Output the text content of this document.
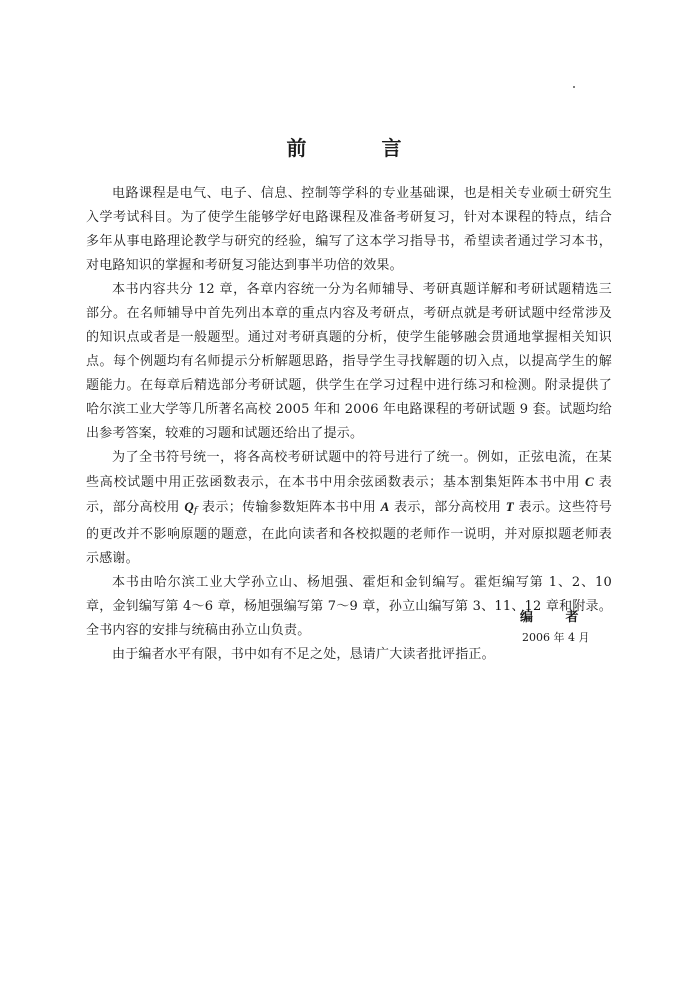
前 言

电路课程是电气、电子、信息、控制等学科的专业基础课，也是相关专业硕士研究生入学考试科目。为了使学生能够学好电路课程及准备考研复习，针对本课程的特点，结合多年从事电路理论教学与研究的经验，编写了这本学习指导书，希望读者通过学习本书，对电路知识的掌握和考研复习能达到事半功倍的效果。

本书内容共分 12 章，各章内容统一分为名师辅导、考研真题详解和考研试题精选三部分。在名师辅导中首先列出本章的重点内容及考研点，考研点就是考研试题中经常涉及的知识点或者是一般题型。通过对考研真题的分析，使学生能够融会贯通地掌握相关知识点。每个例题均有名师提示分析解题思路，指导学生寻找解题的切入点，以提高学生的解题能力。在每章后精选部分考研试题，供学生在学习过程中进行练习和检测。附录提供了哈尔滨工业大学等几所著名高校 2005 年和 2006 年电路课程的考研试题 9 套。试题均给出参考答案，较难的习题和试题还给出了提示。

为了全书符号统一，将各高校考研试题中的符号进行了统一。例如，正弦电流，在某些高校试题中用正弦函数表示，在本书中用余弦函数表示；基本割集矩阵本书中用 C 表示，部分高校用 $Q_f$ 表示；传输参数矩阵本书中用 A 表示，部分高校用 T 表示。这些符号的更改并不影响原题的题意，在此向读者和各校拟题的老师作一说明，并对原拟题老师表示感谢。

本书由哈尔滨工业大学孙立山、杨旭强、霍炬和金钊编写。霍炬编写第 1、2、10 章，金钊编写第 4～6 章，杨旭强编写第 7～9 章，孙立山编写第 3、11、12 章和附录。全书内容的安排与统稿由孙立山负责。

由于编者水平有限，书中如有不足之处，恳请广大读者批评指正。

编 者

2006 年 4 月
